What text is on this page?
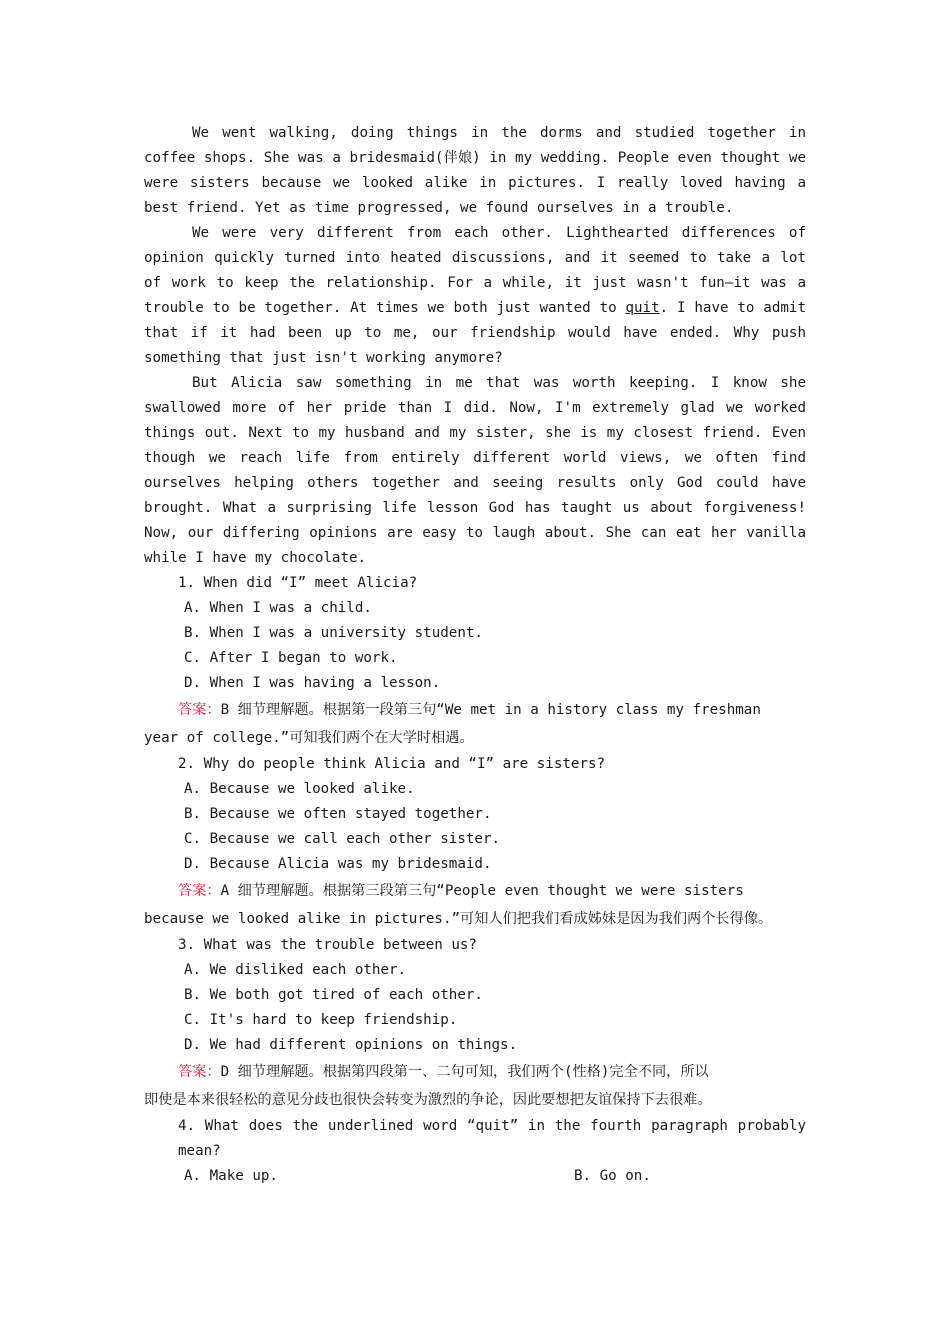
We went walking, doing things in the dorms and studied together in coffee shops. She was a bridesmaid(伴娘) in my wedding. People even thought we were sisters because we looked alike in pictures. I really loved having a best friend. Yet as time progressed, we found ourselves in a trouble.

We were very different from each other. Lighthearted differences of opinion quickly turned into heated discussions, and it seemed to take a lot of work to keep the relationship. For a while, it just wasn't fun—it was a trouble to be together. At times we both just wanted to quit. I have to admit that if it had been up to me, our friendship would have ended. Why push something that just isn't working anymore?

But Alicia saw something in me that was worth keeping. I know she swallowed more of her pride than I did. Now, I'm extremely glad we worked things out. Next to my husband and my sister, she is my closest friend. Even though we reach life from entirely different world views, we often find ourselves helping others together and seeing results only God could have brought. What a surprising life lesson God has taught us about forgiveness! Now, our differing opinions are easy to laugh about. She can eat her vanilla while I have my chocolate.

1. When did “I” meet Alicia?

A. When I was a child.

B. When I was a university student.

C. After I began to work.

D. When I was having a lesson.

答案：B 细节理解题。根据第一段第三句“We met in a history class my freshman

year of college.”可知我们两个在大学时相遇。

2. Why do people think Alicia and “I” are sisters?

A. Because we looked alike.

B. Because we often stayed together.

C. Because we call each other sister.

D. Because Alicia was my bridesmaid.

答案：A 细节理解题。根据第三段第三句“People even thought we were sisters

because we looked alike in pictures.”可知人们把我们看成姊妹是因为我们两个长得像。

3. What was the trouble between us?

A. We disliked each other.

B. We both got tired of each other.

C. It's hard to keep friendship.

D. We had different opinions on things.

答案：D 细节理解题。根据第四段第一、二句可知，我们两个(性格)完全不同，所以

即使是本来很轻松的意见分歧也很快会转变为激烈的争论，因此要想把友谊保持下去很难。

4. What does the underlined word “quit” in the fourth paragraph probably mean?

A. Make up.	B. Go on.
